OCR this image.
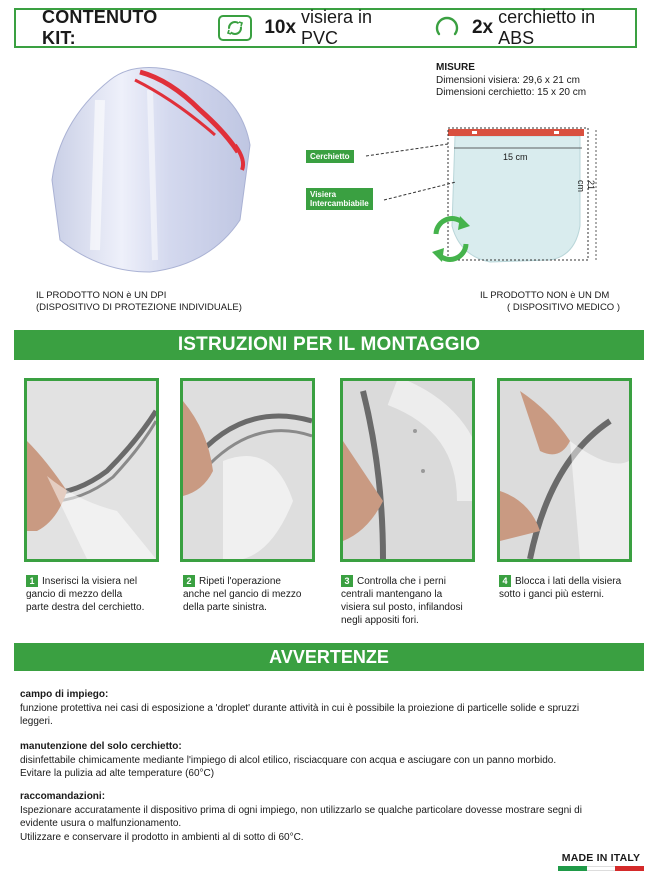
CONTENUTO KIT:	10x visiera in PVC	2x cerchietto in ABS
IL PRODOTTO NON è UN DPI
(DISPOSITIVO DI PROTEZIONE INDIVIDUALE)
IL PRODOTTO NON è UN DM
( DISPOSITIVO MEDICO )
MISURE
Dimensioni visiera: 29,6 x 21 cm
Dimensioni cerchietto: 15 x 20 cm
Cerchietto
Visiera
Intercambiabile
15 cm
21 cm
ISTRUZIONI PER IL MONTAGGIO
1 Inserisci la visiera nel
gancio di mezzo della
parte destra del cerchietto.
2 Ripeti l'operazione
anche nel gancio di mezzo
della parte sinistra.
3 Controlla che i perni
centrali mantengano la
visiera sul posto, infilandosi
negli appositi fori.
4 Blocca i lati della visiera
sotto i ganci più esterni.
AVVERTENZE
campo di impiego:
funzione protettiva nei casi di esposizione a 'droplet' durante attività in cui è possibile la proiezione di particelle solide e spruzzi
leggeri.
manutenzione del solo cerchietto:
disinfettabile chimicamente mediante l'impiego di alcol etilico, risciacquare con acqua e asciugare con un panno morbido.
Evitare la pulizia ad alte temperature (60°C)
raccomandazioni:
Ispezionare accuratamente il dispositivo prima di ogni impiego, non utilizzarlo se qualche particolare dovesse mostrare segni di
evidente usura o malfunzionamento.
Utilizzare e conservare il prodotto in ambienti al di sotto di 60°C.
MADE IN ITALY
